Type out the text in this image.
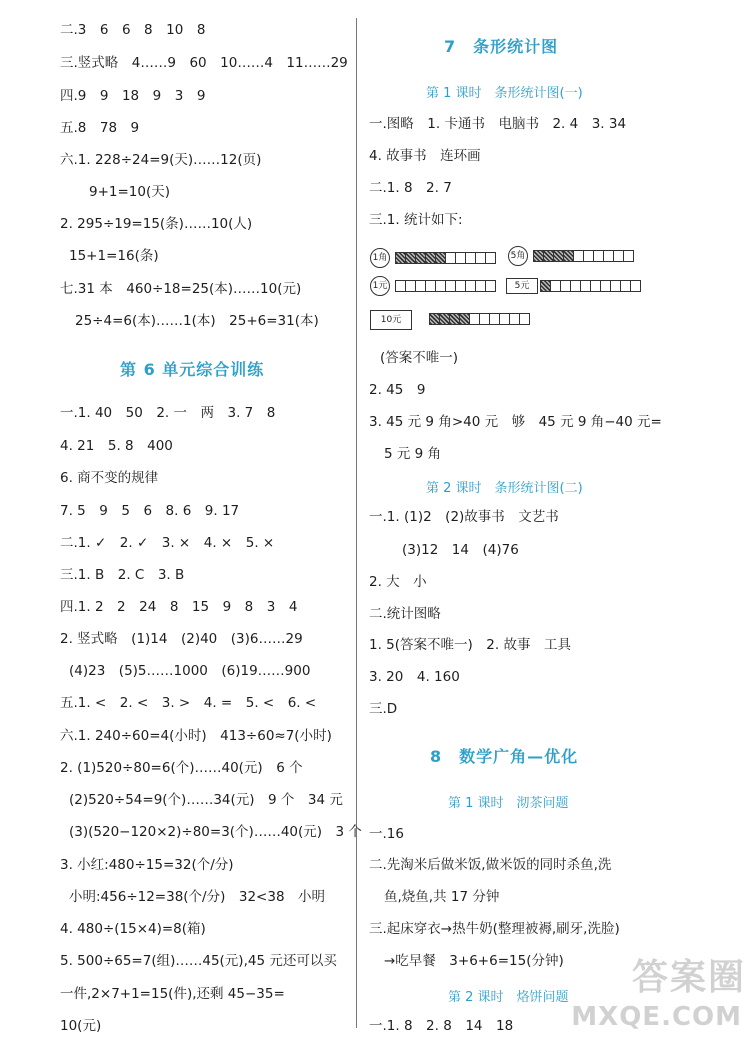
二.3　6　6　8　10　8
三.竖式略　4……9　60　10……4　11……29
四.9　9　18　9　3　9
五.8　78　9
六.1. 228÷24=9(天)……12(页)
9+1=10(天)
2. 295÷19=15(条)……10(人)
15+1=16(条)
七.31 本　460÷18=25(本)……10(元)
25÷4=6(本)……1(本)　25+6=31(本)
第 6 单元综合训练
一.1. 40　50　2. 一　两　3. 7　8
4. 21　5. 8　400
6. 商不变的规律
7. 5　9　5　6　8. 6　9. 17
二.1. ✓　2. ✓　3. ×　4. ×　5. ×
三.1. B　2. C　3. B
四.1. 2　2　24　8　15　9　8　3　4
2. 竖式略　(1)14　(2)40　(3)6……29
(4)23　(5)5……1000　(6)19……900
五.1. <　2. <　3. >　4. =　5. <　6. <
六.1. 240÷60=4(小时)　413÷60≈7(小时)
2. (1)520÷80=6(个)……40(元)　6 个
(2)520÷54=9(个)……34(元)　9 个　34 元
(3)(520−120×2)÷80=3(个)……40(元)　3 个
3. 小红:480÷15=32(个/分)
小明:456÷12=38(个/分)　32<38　小明
4. 480÷(15×4)=8(箱)
5. 500÷65=7(组)……45(元),45 元还可以买
一件,2×7+1=15(件),还剩 45−35=
10(元)
7　条形统计图
第 1 课时　条形统计图(一)
一.图略　1. 卡通书　电脑书　2. 4　3. 34
4. 故事书　连环画
二.1. 8　2. 7
三.1. 统计如下:
1角	5角
1元	5元
10元
(答案不唯一)
2. 45　9
3. 45 元 9 角>40 元　够　45 元 9 角−40 元=
5 元 9 角
第 2 课时　条形统计图(二)
一.1. (1)2　(2)故事书　文艺书
(3)12　14　(4)76
2. 大　小
二.统计图略
1. 5(答案不唯一)　2. 故事　工具
3. 20　4. 160
三.D
8　数学广角—优化
第 1 课时　沏茶问题
一.16
二.先淘米后做米饭,做米饭的同时杀鱼,洗
鱼,烧鱼,共 17 分钟
三.起床穿衣→热牛奶(整理被褥,刷牙,洗脸)
→吃早餐　3+6+6=15(分钟)
第 2 课时　烙饼问题
一.1. 8　2. 8　14　18
答案圈
MXQE.COM
